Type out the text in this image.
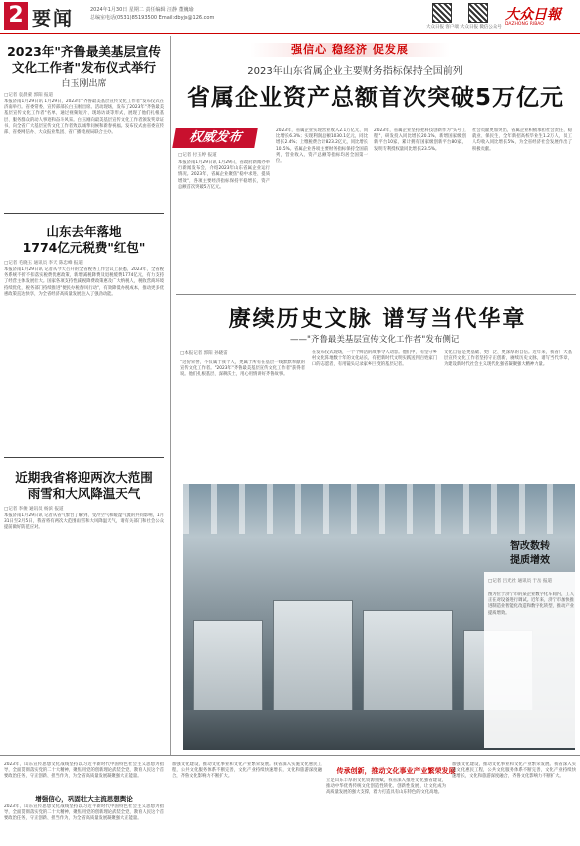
2 要闻	2024年1月30日 星期二 责任编辑 汪静 董巍瑜
总编室电话(0531)85193500 Email:dbyjs@126.com
大众日报 客户端 大众日报 微信公众号
大众日報
DAZHONG RIBAO
2023年"齐鲁最美基层宣传
文化工作者"发布仪式举行
白玉刚出席
□记者 袁晨蒙 郭阳 报道
本报济南1月29日讯 1月29日，2023年"齐鲁最美基层宣传文化工作者"发布仪式在济南举行。省委常委、宣传部部长白玉刚出席。活动现场，发布了2023年"齐鲁最美基层宣传文化工作者"名单，通过视频短片、现场访谈等形式，展现了他们扎根基层、服务群众的动人事迹和奋斗风采。白玉刚向最美基层宣传文化工作者颁发奖章证书，向全省广大基层宣传文化工作者致以诚挚问候和新春祝福。发布仪式由省委宣传部、省委网信办、大众报业集团、省广播电视局联合主办。
山东去年落地
1774亿元税费"红包"
□记者 毛晓玉 通讯员 李天 陈忠峰 报道
本报济南1月29日讯 记者从今天召开的全省税务工作会议上获悉，2023年，全省税务系统不折不扣落实税费优惠政策，新增减税降费及退税缓费1774亿元，有力支持了经营主体发展壮大。国家各项支持性减税降费政策惠及广大纳税人，税收营商环境持续优化，税务部门持续推进"便民办税春风行动"，有效降低办税成本，推动更多优惠政策直达快享，为全省经济高质量发展注入了强劲动能。
近期我省将迎两次大范围
雨雪和大风降温天气
□记者 李俊 通讯员 杨滨 报道
本报济南1月29日讯 记者从省气象台了解到，受冷空气和暖湿气流的共同影响，1月31日至2月5日，我省将有两次大范围雨雪和大风降温天气，请有关部门和社会公众提前做好防范应对。
强信心 稳经济 促发展
2023年山东省属企业主要财务指标保持全国前列
省属企业资产总额首次突破5万亿元
权威发布
□记者 付玉婷 报道
本报济南1月29日讯 1月29日，省政府新闻办举行新闻发布会，介绍2023年山东省属企业运行情况。2023年，省属企业聚焦"稳中求进、提质增效"，各项主要经济指标保持平稳增长，资产总额首次突破5万亿元。
2023年，省属企业实现营业收入2.1万亿元、同比增长6.3%；实现利润总额1030.1亿元，同比增长2.4%；上缴税费合计823.2亿元，同比增长10.5%。省属企业各项主要财务指标保持全国前列，营业收入、资产总额等指标均居全国第一位。
2023年，省属企业坚持把科技创新作为"头号工程"，研发投入同比增长20.1%，新增国家级创新平台10家，累计拥有国家级创新平台80家，发明专利授权量同比增长23.5%。
社会贡献更加突出，省属企业积极承担社会责任，稳就业、保民生，全年新招高校毕业生1.2万人，员工人均收入同比增长5%，为全省经济社会发展作出了积极贡献。
赓续历史文脉 谱写当代华章
——"齐鲁最美基层宣传文化工作者"发布侧记
□本报记者 郭阳 孙晓雷
"这份荣誉，不仅属于我个人，更属于所有在基层一线默默奉献的宣传文化工作者。"2023年"齐鲁最美基层宣传文化工作者"获得者说。他们扎根基层、深耕沃土，用心用情讲好齐鲁故事。
在发布仪式现场，一个个鲜活的故事令人动容。他们中，有坚守乡村文化阵地数十年的文化站长，有把新时代文明实践送到百姓家门口的志愿者，有用镜头记录家乡巨变的基层记者。
文化自信是更基础、更广泛、更深厚的自信。近年来，我省广大基层宣传文化工作者坚持守正创新，赓续历史文脉，谱写当代华章，为建设新时代社会主义现代化强省凝聚强大精神力量。
智改数转
提质增效
□记者 吕光社 通讯员 于岳 报道
图为位于济宁市的某企业数字化车间内，工人正在对设备进行调试。近年来，济宁市加快推进制造业智能化改造和数字化转型，推动产业提质增效。
2023年，山东宣传思想文化战线坚持以习近平新时代中国特色社会主义思想为指导，全面贯彻落实党的二十大精神，聚焦用党的创新理论武装全党、教育人民这个首要政治任务，守正创新、担当作为，为全省高质量发展凝聚强大正能量。
增强信心，巩固壮大主流思想舆论
2023年，山东宣传思想文化战线坚持以习近平新时代中国特色社会主义思想为指导，全面贯彻落实党的二十大精神，聚焦用党的创新理论武装全党、教育人民这个首要政治任务，守正创新、担当作为，为全省高质量发展凝聚强大正能量。
加强文化建设，推动文化事业和文化产业繁荣发展。我省深入实施文化惠民工程，公共文化服务体系不断完善，文化产业持续快速增长，文化和旅游深度融合，齐鲁文化影响力不断扩大。
传承创新，推动文化事业产业繁荣发展
立足山东丰厚的文化资源禀赋，我省深入推进文化强省建设，推动中华优秀传统文化创造性转化、创新性发展，让文化成为高质量发展的强大支撑，着力打造具有山东特色的文化高地。
加强文化建设，推动文化事业和文化产业繁荣发展。我省深入实施文化惠民工程，公共文化服务体系不断完善，文化产业持续快速增长，文化和旅游深度融合，齐鲁文化影响力不断扩大。
